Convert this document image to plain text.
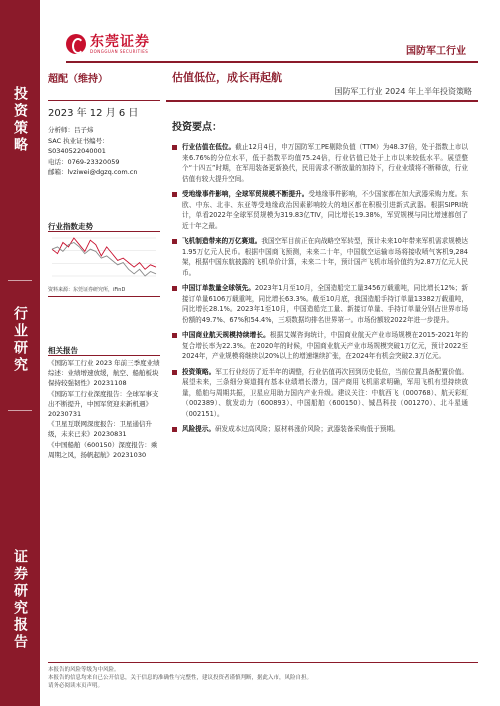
投资策略
行业研究
证券研究报告
东莞证券
DONGGUAN SECURITIES	国防军工行业
超配（维持）	估值低位，成长再起航
国防军工行业 2024 年上半年投资策略
2023 年 12 月 6 日
分析师：吕子炜
SAC 执业证书编号：
S0340522040001
电话：0769-23320059
邮箱：lvziwei@dgzq.com.cn
行业指数走势
资料来源：东莞证券研究所，iFinD
相关报告
《国防军工行业 2023 年前三季度业绩综述：业绩增速放缓，航空、船舶板块保持较强韧性》20231108
《国防军工行业深度报告：全球军事支出不断提升，中国军贸迎来新机遇》20230731
《卫星互联网深度报告：卫星通信升级，未来已来》20230831
《中国船舶（600150）深度报告：乘周期之风，扬帆起航》20231030
投资要点：
行业估值在低位。截止12月4日，申万国防军工PE剔除负值（TTM）为48.37倍，处于指数上市以来6.76%的分位水平，低于指数平均值75.24倍，行业估值已处于上市以来较低水平。展望整个“十四五”时期，在军用装备更新换代，民用需求不断放量的加持下，行业业绩将不断释放，行业估值有较大提升空间。
受地缘事件影响，全球军贸规模不断提升。受地缘事件影响，不少国家都在加大武器采购力度。东欧、中东、北非、东亚等受地缘政治因素影响较大的地区都在积极引进新式武器。根据SIPRI统计，单看2022年全球军贸规模为319.83亿TIV，同比增长19.38%，军贸规模与同比增速都创了近十年之最。
飞机制造带来的万亿赛道。我国空军目前正在向战略空军转型，预计未来10年带来军机需求规模达1.95万亿元人民币。根据中国商飞预测，未来二十年，中国航空运输市场将接收喷气客机9,284架，根据中国东航披露的飞机单价计算，未来二十年，预计国产飞机市场价值约为2.87万亿元人民币。
中国订单数量全球领先。2023年1月至10月，全国造船完工量3456万载重吨，同比增长12%；新接订单量6106万载重吨，同比增长63.3%。截至10月底，我国造船手持订单量13382万载重吨，同比增长28.1%。2023年1至10月，中国造船完工量、新接订单量、手持订单量分别占世界市场份额的49.7%、67%和54.4%，三项数据均排名世界第一。市场份额较2022年进一步提升。
中国商业航天规模持续增长。根据艾媒咨询统计，中国商业航天产业市场规模在2015-2021年的复合增长率为22.3%。在2020年的时候，中国商业航天产业市场规模突破1万亿元，预计2022至2024年，产业规模将继续以20%以上的增速继续扩张，在2024年有机会突破2.3万亿元。
投资策略。军工行业经历了近半年的调整，行业估值再次回到历史低位，当前位置具备配置价值。展望未来，三条细分赛道拥有基本业绩增长潜力，国产商用飞机需求明确，军用飞机有望持续放量，船舶与周期共振，卫星应用助力国内产业升级。建议关注：中航西飞（000768）、航天彩虹（002389）、航发动力（600893）、中国船舶（600150）、铖昌科技（001270）、北斗星通（002151）。
风险提示。研发成本过高风险；原材料涨价风险；武器装备采购低于预期。
本报告的风险等级为中风险。
本报告的信息均来自已公开信息，关于信息的准确性与完整性，建议投资者谨慎判断，据此入市，风险自担。
请务必阅读末页声明。
